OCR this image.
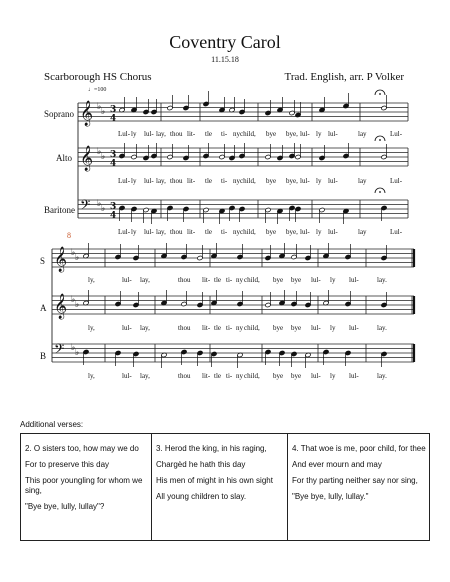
Coventry Carol
11.15.18
Scarborough HS Chorus	Trad. English, arr. P Volker
♩=100
Soprano
Alto
Baritone
8
S
A
B
𝄞 ♭ ♭ 3
4
𝄞 ♭ ♭ 3
4
𝄢 ♭ ♭ 3
4
Lul- ly lul- lay, thou lit- tle ti- ny child, bye bye, lul- ly lul-	lay	Lul-
Lul- ly lul- lay, thou lit- tle ti- ny child, bye bye, lul- ly lul-	lay	Lul-
Lul- ly lul- lay, thou lit- tle ti- ny child, bye bye, lul- ly lul-	lay	Lul-
𝄞 ♭ ♭
𝄞 ♭ ♭
𝄢 ♭ ♭
ly,	lul- lay,	thou lit- tle ti- ny child, bye bye lul- ly lul-	lay.
ly,	lul- lay,	thou lit- tle ti- ny child, bye bye lul- ly lul-	lay.
ly,	lul- lay,	thou lit- tle ti- ny child, bye bye lul- ly lul-	lay.
Additional verses:

2. O sisters too, how may we do

For to preserve this day

This poor youngling for whom we sing,

"Bye bye, lully, lullay"?

3. Herod the king, in his raging,

Chargèd he hath this day

His men of might in his own sight

All young children to slay.

4. That woe is me, poor child, for thee

And ever mourn and may

For thy parting neither say nor sing,

"Bye bye, lully, lullay."
